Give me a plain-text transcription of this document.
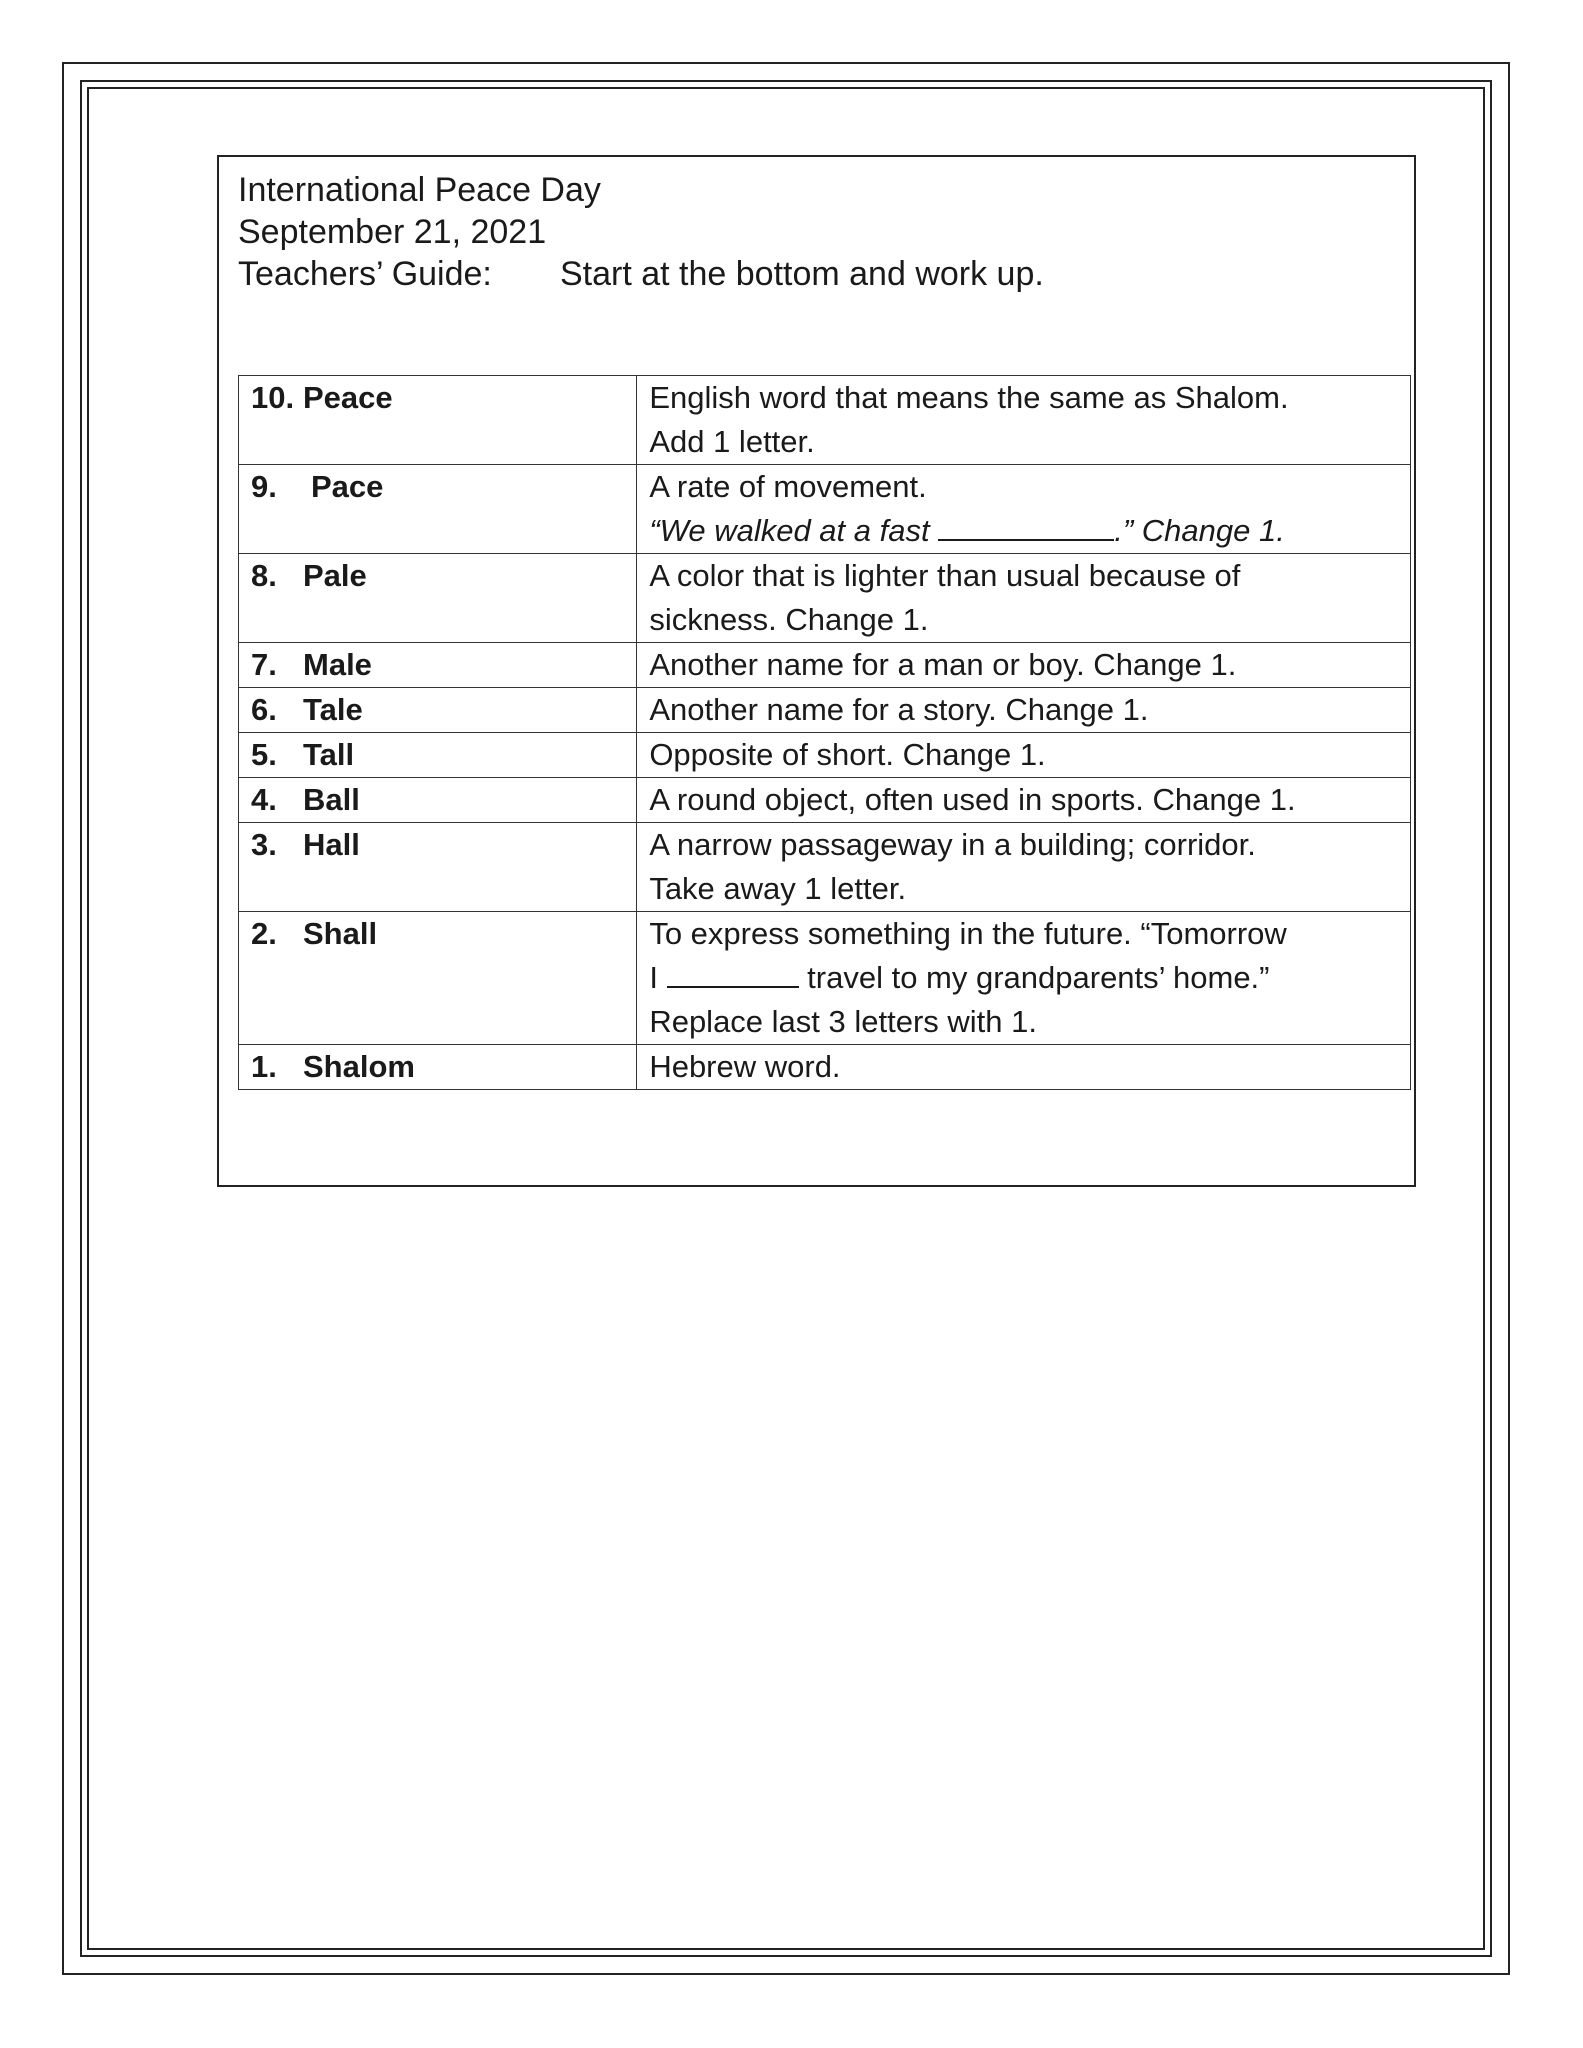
International Peace Day
September 21, 2021
Teachers’ Guide: Start at the bottom and work up.
10. Peace	English word that means the same as Shalom.
Add 1 letter.

9. Pace	A rate of movement.
“We walked at a fast .” Change 1.

8. Pale	A color that is lighter than usual because of
sickness. Change 1.

7. Male	Another name for a man or boy. Change 1.

6. Tale	Another name for a story. Change 1.

5. Tall	Opposite of short. Change 1.

4. Ball	A round object, often used in sports. Change 1.

3. Hall	A narrow passageway in a building; corridor.
Take away 1 letter.

2. Shall	To express something in the future. “Tomorrow
I travel to my grandparents’ home.”
Replace last 3 letters with 1.

1. Shalom	Hebrew word.
